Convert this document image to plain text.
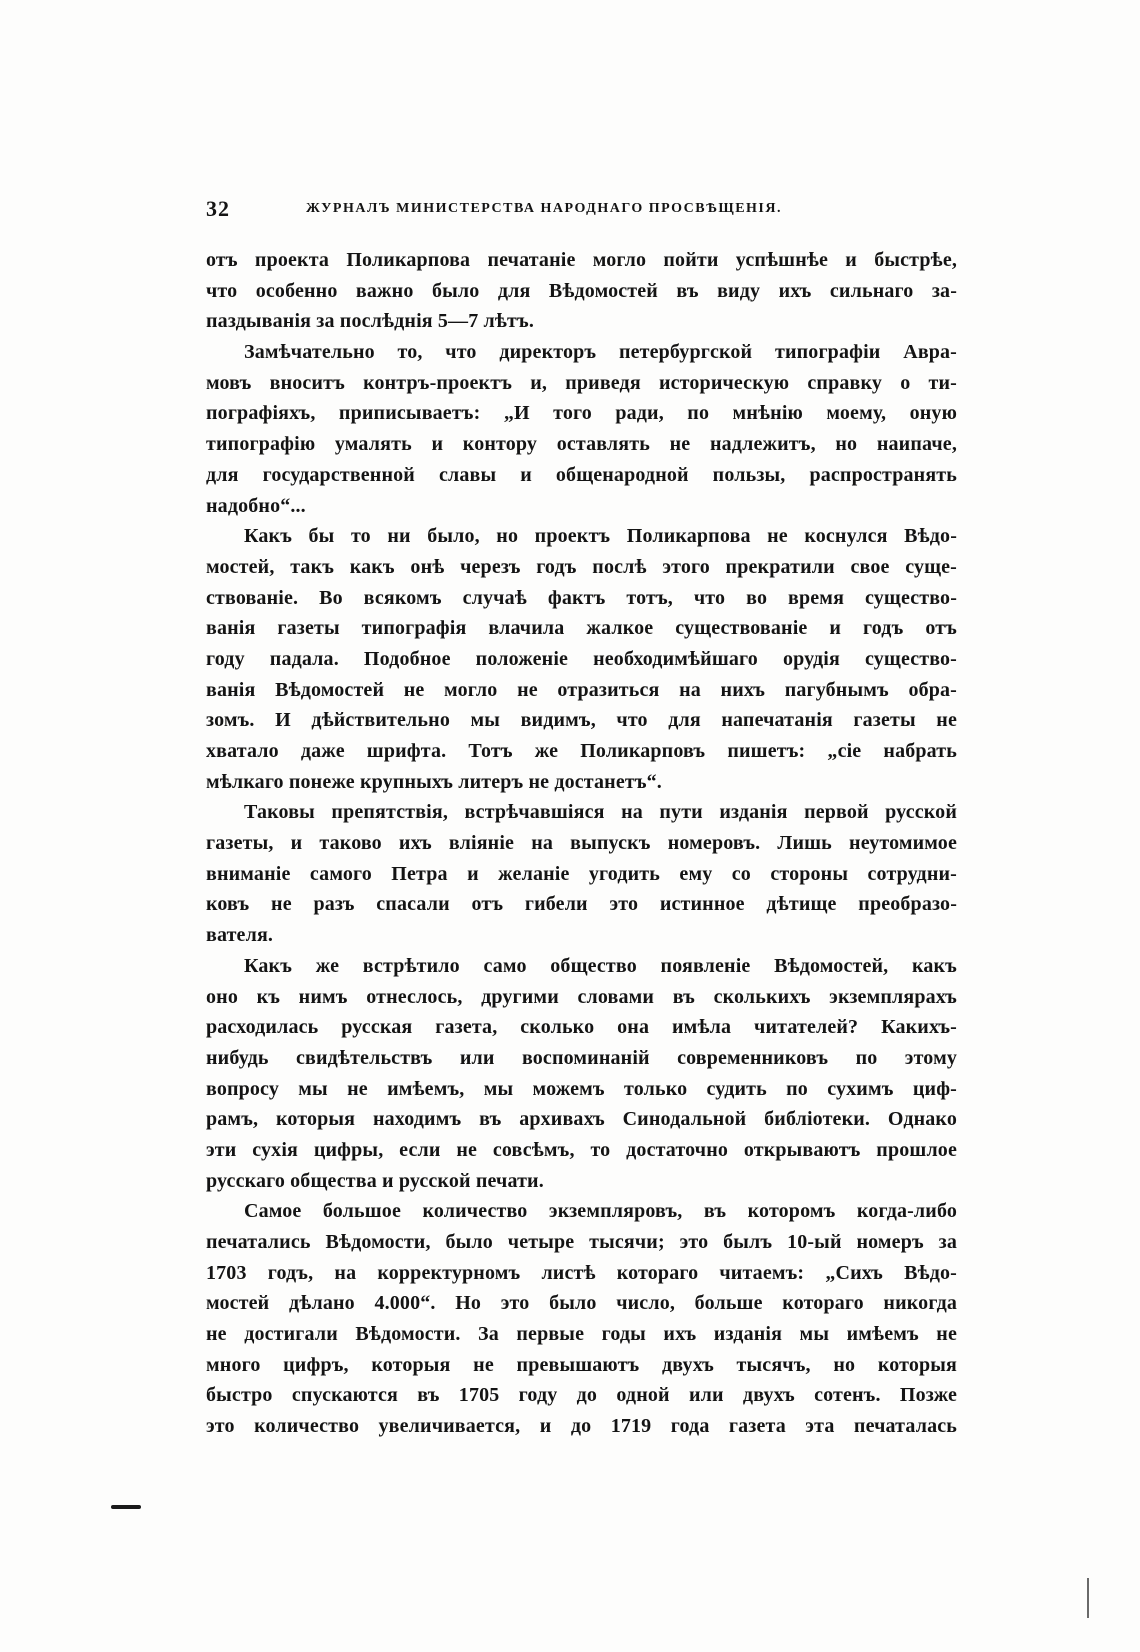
32	ЖУРНАЛЪ МИНИСТЕРСТВА НАРОДНАГО ПРОСВѢЩЕНІЯ.
отъ проекта Поликарпова печатаніе могло пойти успѣшнѣе и быстрѣе,
что особенно важно было для Вѣдомостей въ виду ихъ сильнаго за-
паздыванія за послѣднія 5—7 лѣтъ.
Замѣчательно то, что директоръ петербургской типографіи Авра-
мовъ вноситъ контръ-проектъ и, приведя историческую справку о ти-
пографіяхъ, приписываетъ: „И того ради, по мнѣнію моему, оную
типографію умалять и контору оставлять не надлежитъ, но наипаче,
для государственной славы и общенародной пользы, распространять
надобно“...
Какъ бы то ни было, но проектъ Поликарпова не коснулся Вѣдо-
мостей, такъ какъ онѣ черезъ годъ послѣ этого прекратили свое суще-
ствованіе. Во всякомъ случаѣ фактъ тотъ, что во время существо-
ванія газеты типографія влачила жалкое существованіе и годъ отъ
году падала. Подобное положеніе необходимѣйшаго орудія существо-
ванія Вѣдомостей не могло не отразиться на нихъ пагубнымъ обра-
зомъ. И дѣйствительно мы видимъ, что для напечатанія газеты не
хватало даже шрифта. Тотъ же Поликарповъ пишетъ: „сіе набрать
мѣлкаго понеже крупныхъ литеръ не достанетъ“.
Таковы препятствія, встрѣчавшіяся на пути изданія первой русской
газеты, и таково ихъ вліяніе на выпускъ номеровъ. Лишь неутомимое
вниманіе самого Петра и желаніе угодить ему со стороны сотрудни-
ковъ не разъ спасали отъ гибели это истинное дѣтище преобразо-
вателя.
Какъ же встрѣтило само общество появленіе Вѣдомостей, какъ
оно къ нимъ отнеслось, другими словами въ сколькихъ экземплярахъ
расходилась русская газета, сколько она имѣла читателей? Какихъ-
нибудь свидѣтельствъ или воспоминаній современниковъ по этому
вопросу мы не имѣемъ, мы можемъ только судить по сухимъ циф-
рамъ, которыя находимъ въ архивахъ Синодальной библіотеки. Однако
эти сухія цифры, если не совсѣмъ, то достаточно открываютъ прошлое
русскаго общества и русской печати.
Самое большое количество экземпляровъ, въ которомъ когда-либо
печатались Вѣдомости, было четыре тысячи; это былъ 10-ый номеръ за
1703 годъ, на корректурномъ листѣ котораго читаемъ: „Сихъ Вѣдо-
мостей дѣлано 4.000“. Но это было число, больше котораго никогда
не достигали Вѣдомости. За первые годы ихъ изданія мы имѣемъ не
много цифръ, которыя не превышаютъ двухъ тысячъ, но которыя
быстро спускаются въ 1705 году до одной или двухъ сотенъ. Позже
это количество увеличивается, и до 1719 года газета эта печаталась
